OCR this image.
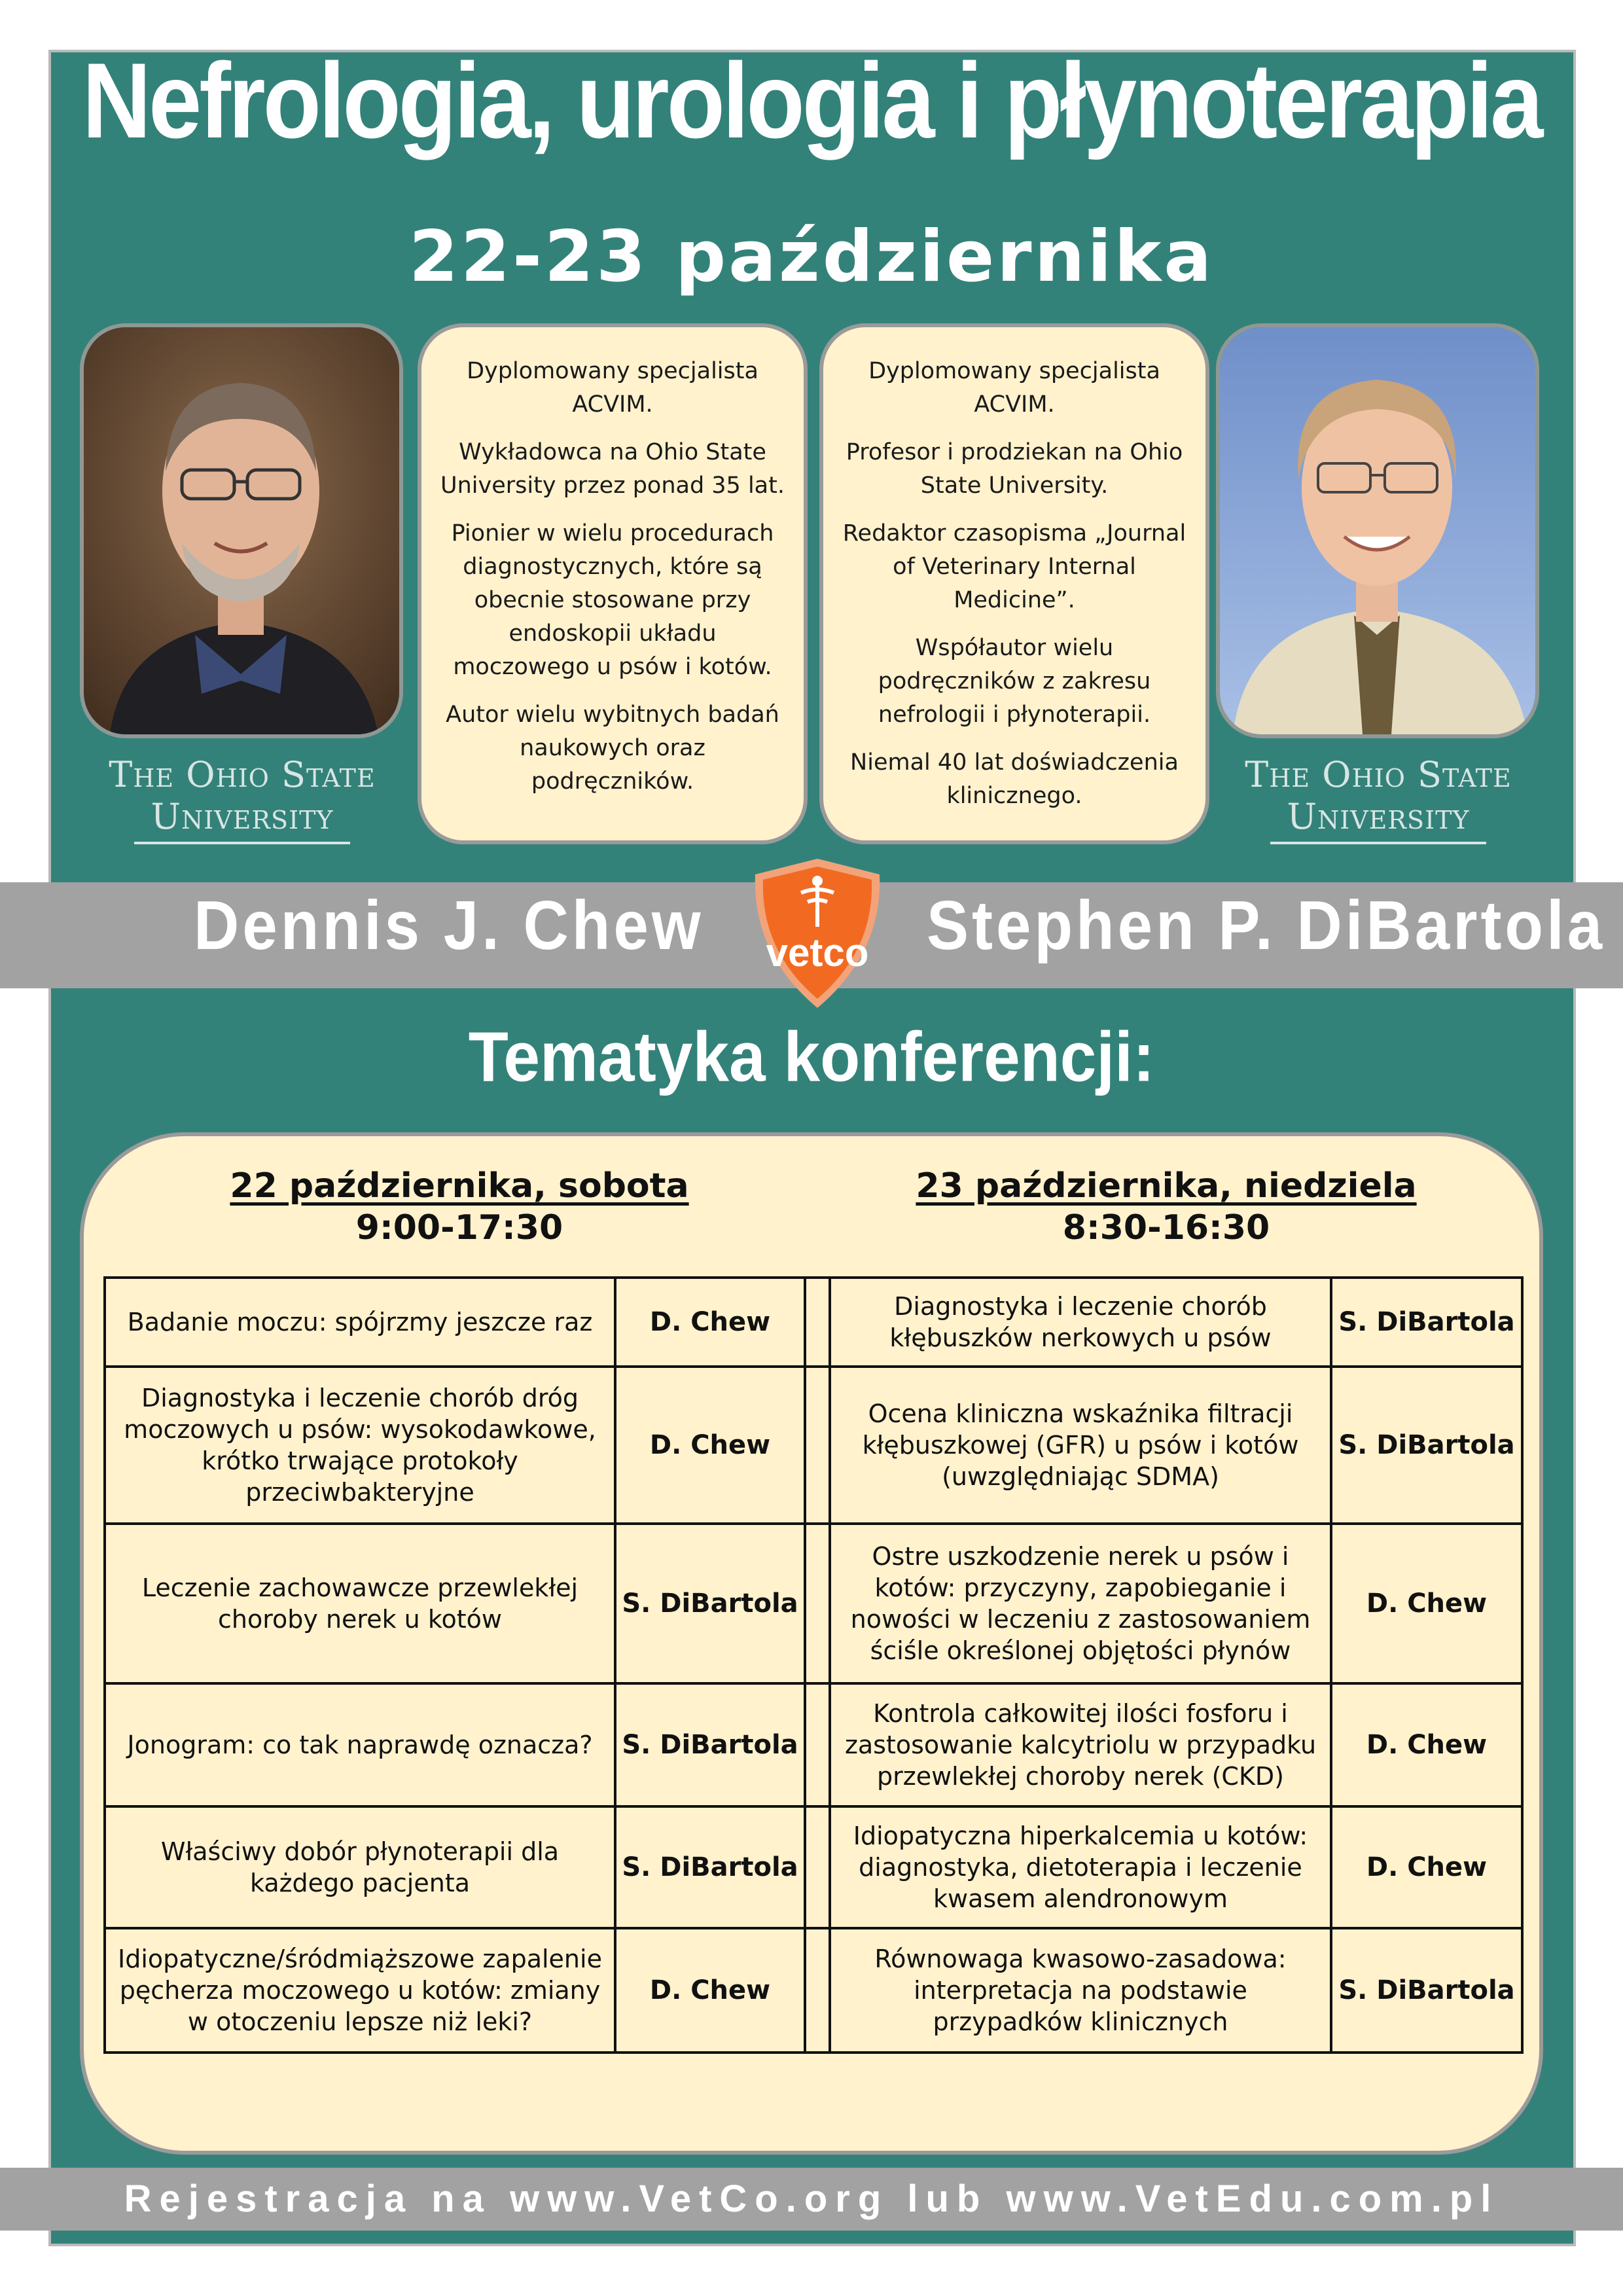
Nefrologia, urologia i płynoterapia
22-23 października
The Ohio State
University
The Ohio State
University

Dyplomowany specjalista ACVIM.

Wykładowca na Ohio State University przez ponad 35 lat.

Pionier w wielu procedurach diagnostycznych, które są obecnie stosowane przy endoskopii układu moczowego u psów i kotów.

Autor wielu wybitnych badań naukowych oraz podręczników.

Dyplomowany specjalista ACVIM.

Profesor i prodziekan na Ohio State University.

Redaktor czasopisma „Journal of Veterinary Internal Medicine”.

Współautor wielu podręczników z zakresu nefrologii i płynoterapii.

Niemal 40 lat doświadczenia klinicznego.

Dennis J. Chew	Stephen P. DiBartola
vetco
Tematyka konferencji:
22 października, sobota
9:00-17:30
23 października, niedziela
8:30-16:30
Badanie moczu: spójrzmy jeszcze raz	D. Chew		Diagnostyka i leczenie chorób kłębuszków nerkowych u psów	S. DiBartola
Diagnostyka i leczenie chorób dróg moczowych u psów: wysokodawkowe, krótko trwające protokoły przeciwbakteryjne	D. Chew		Ocena kliniczna wskaźnika filtracji kłębuszkowej (GFR) u psów i kotów (uwzględniając SDMA)	S. DiBartola
Leczenie zachowawcze przewlekłej choroby nerek u kotów	S. DiBartola		Ostre uszkodzenie nerek u psów i kotów: przyczyny, zapobieganie i nowości w leczeniu z zastosowaniem ściśle określonej objętości płynów	D. Chew
Jonogram: co tak naprawdę oznacza?	S. DiBartola		Kontrola całkowitej ilości fosforu i zastosowanie kalcytriolu w przypadku przewlekłej choroby nerek (CKD)	D. Chew
Właściwy dobór płynoterapii dla każdego pacjenta	S. DiBartola		Idiopatyczna hiperkalcemia u kotów: diagnostyka, dietoterapia i leczenie kwasem alendronowym	D. Chew
Idiopatyczne/śródmiąższowe zapalenie pęcherza moczowego u kotów: zmiany w otoczeniu lepsze niż leki?	D. Chew		Równowaga kwasowo-zasadowa: interpretacja na podstawie przypadków klinicznych	S. DiBartola
Rejestracja na www.VetCo.org lub www.VetEdu.com.pl
